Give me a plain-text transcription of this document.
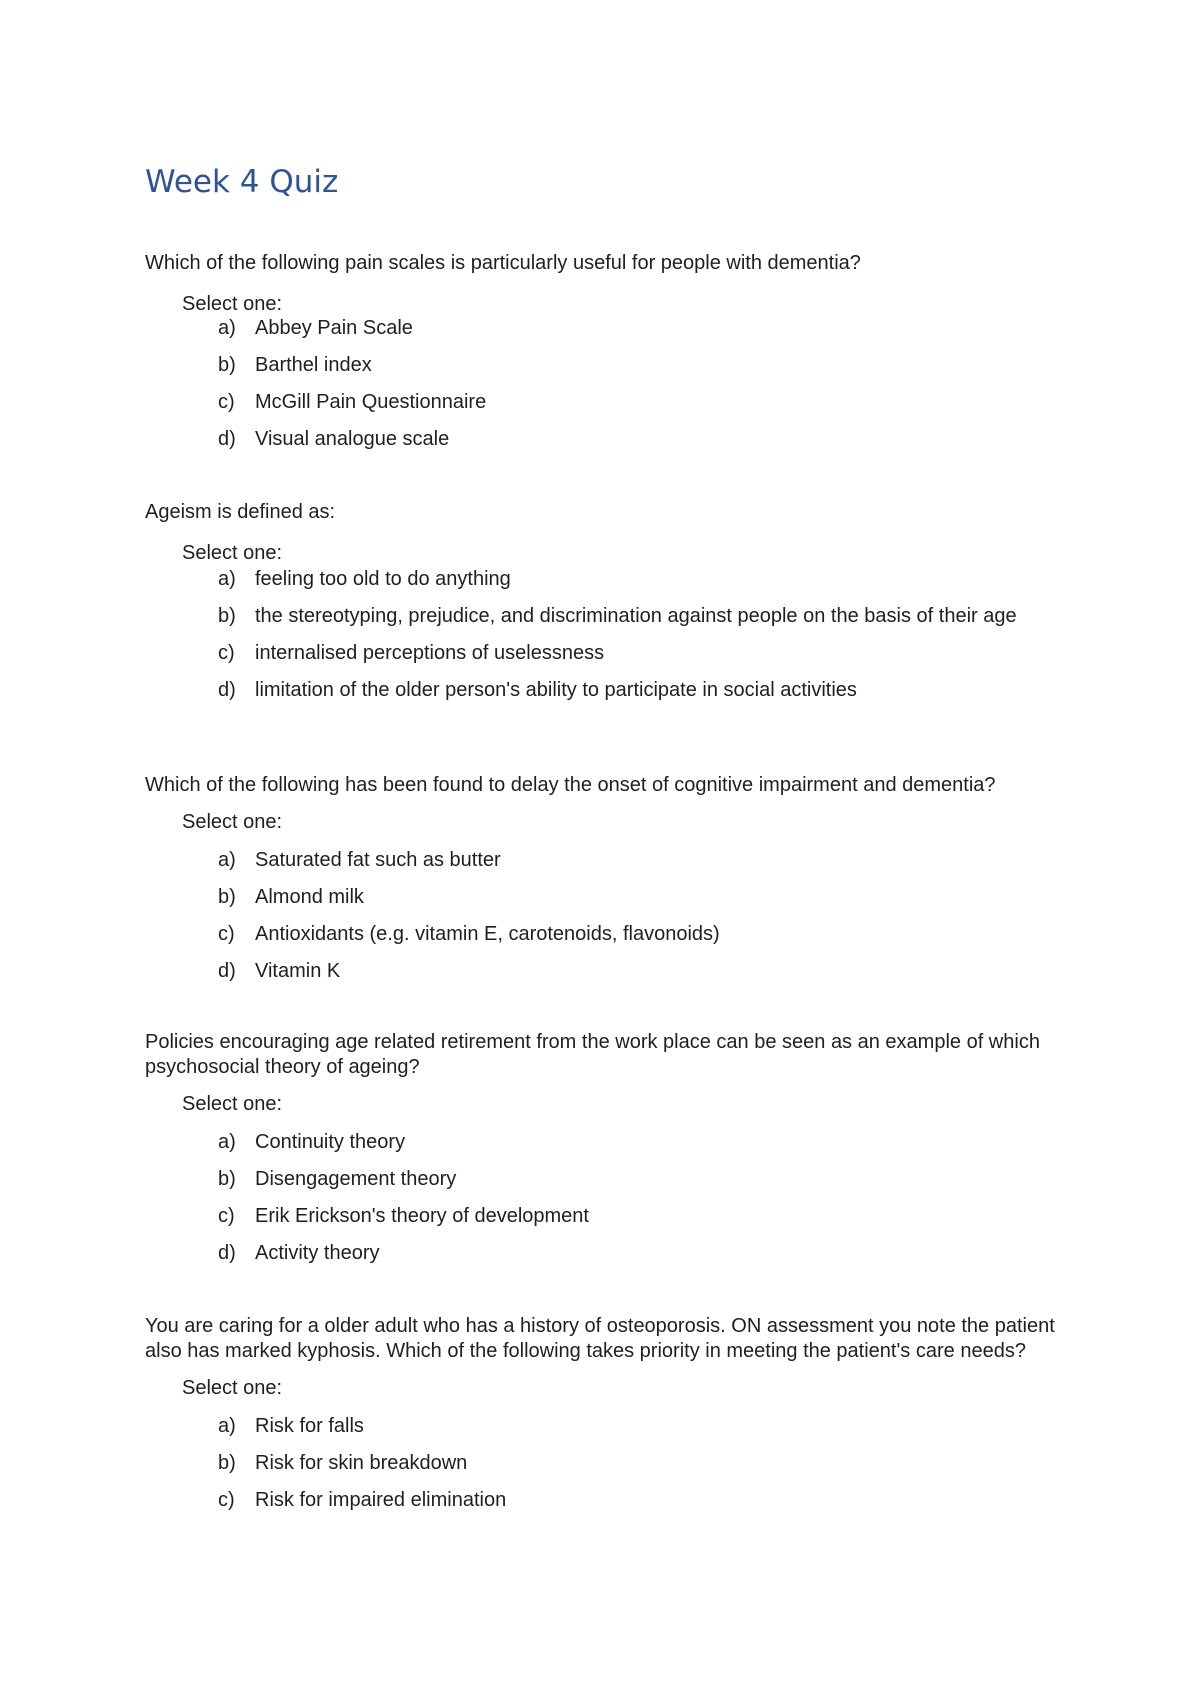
Week 4 Quiz

Which of the following pain scales is particularly useful for people with dementia?

Select one:
a) Abbey Pain Scale
b) Barthel index
c) McGill Pain Questionnaire
d) Visual analogue scale

Ageism is defined as:

Select one:
a) feeling too old to do anything
b) the stereotyping, prejudice, and discrimination against people on the basis of their age
c) internalised perceptions of uselessness
d) limitation of the older person's ability to participate in social activities

Which of the following has been found to delay the onset of cognitive impairment and dementia?

Select one:
a) Saturated fat such as butter
b) Almond milk
c) Antioxidants (e.g. vitamin E, carotenoids, flavonoids)
d) Vitamin K

Policies encouraging age related retirement from the work place can be seen as an example of which psychosocial theory of ageing?

Select one:
a) Continuity theory
b) Disengagement theory
c) Erik Erickson's theory of development
d) Activity theory

You are caring for a older adult who has a history of osteoporosis. ON assessment you note the patient also has marked kyphosis. Which of the following takes priority in meeting the patient's care needs?

Select one:
a) Risk for falls
b) Risk for skin breakdown
c) Risk for impaired elimination
